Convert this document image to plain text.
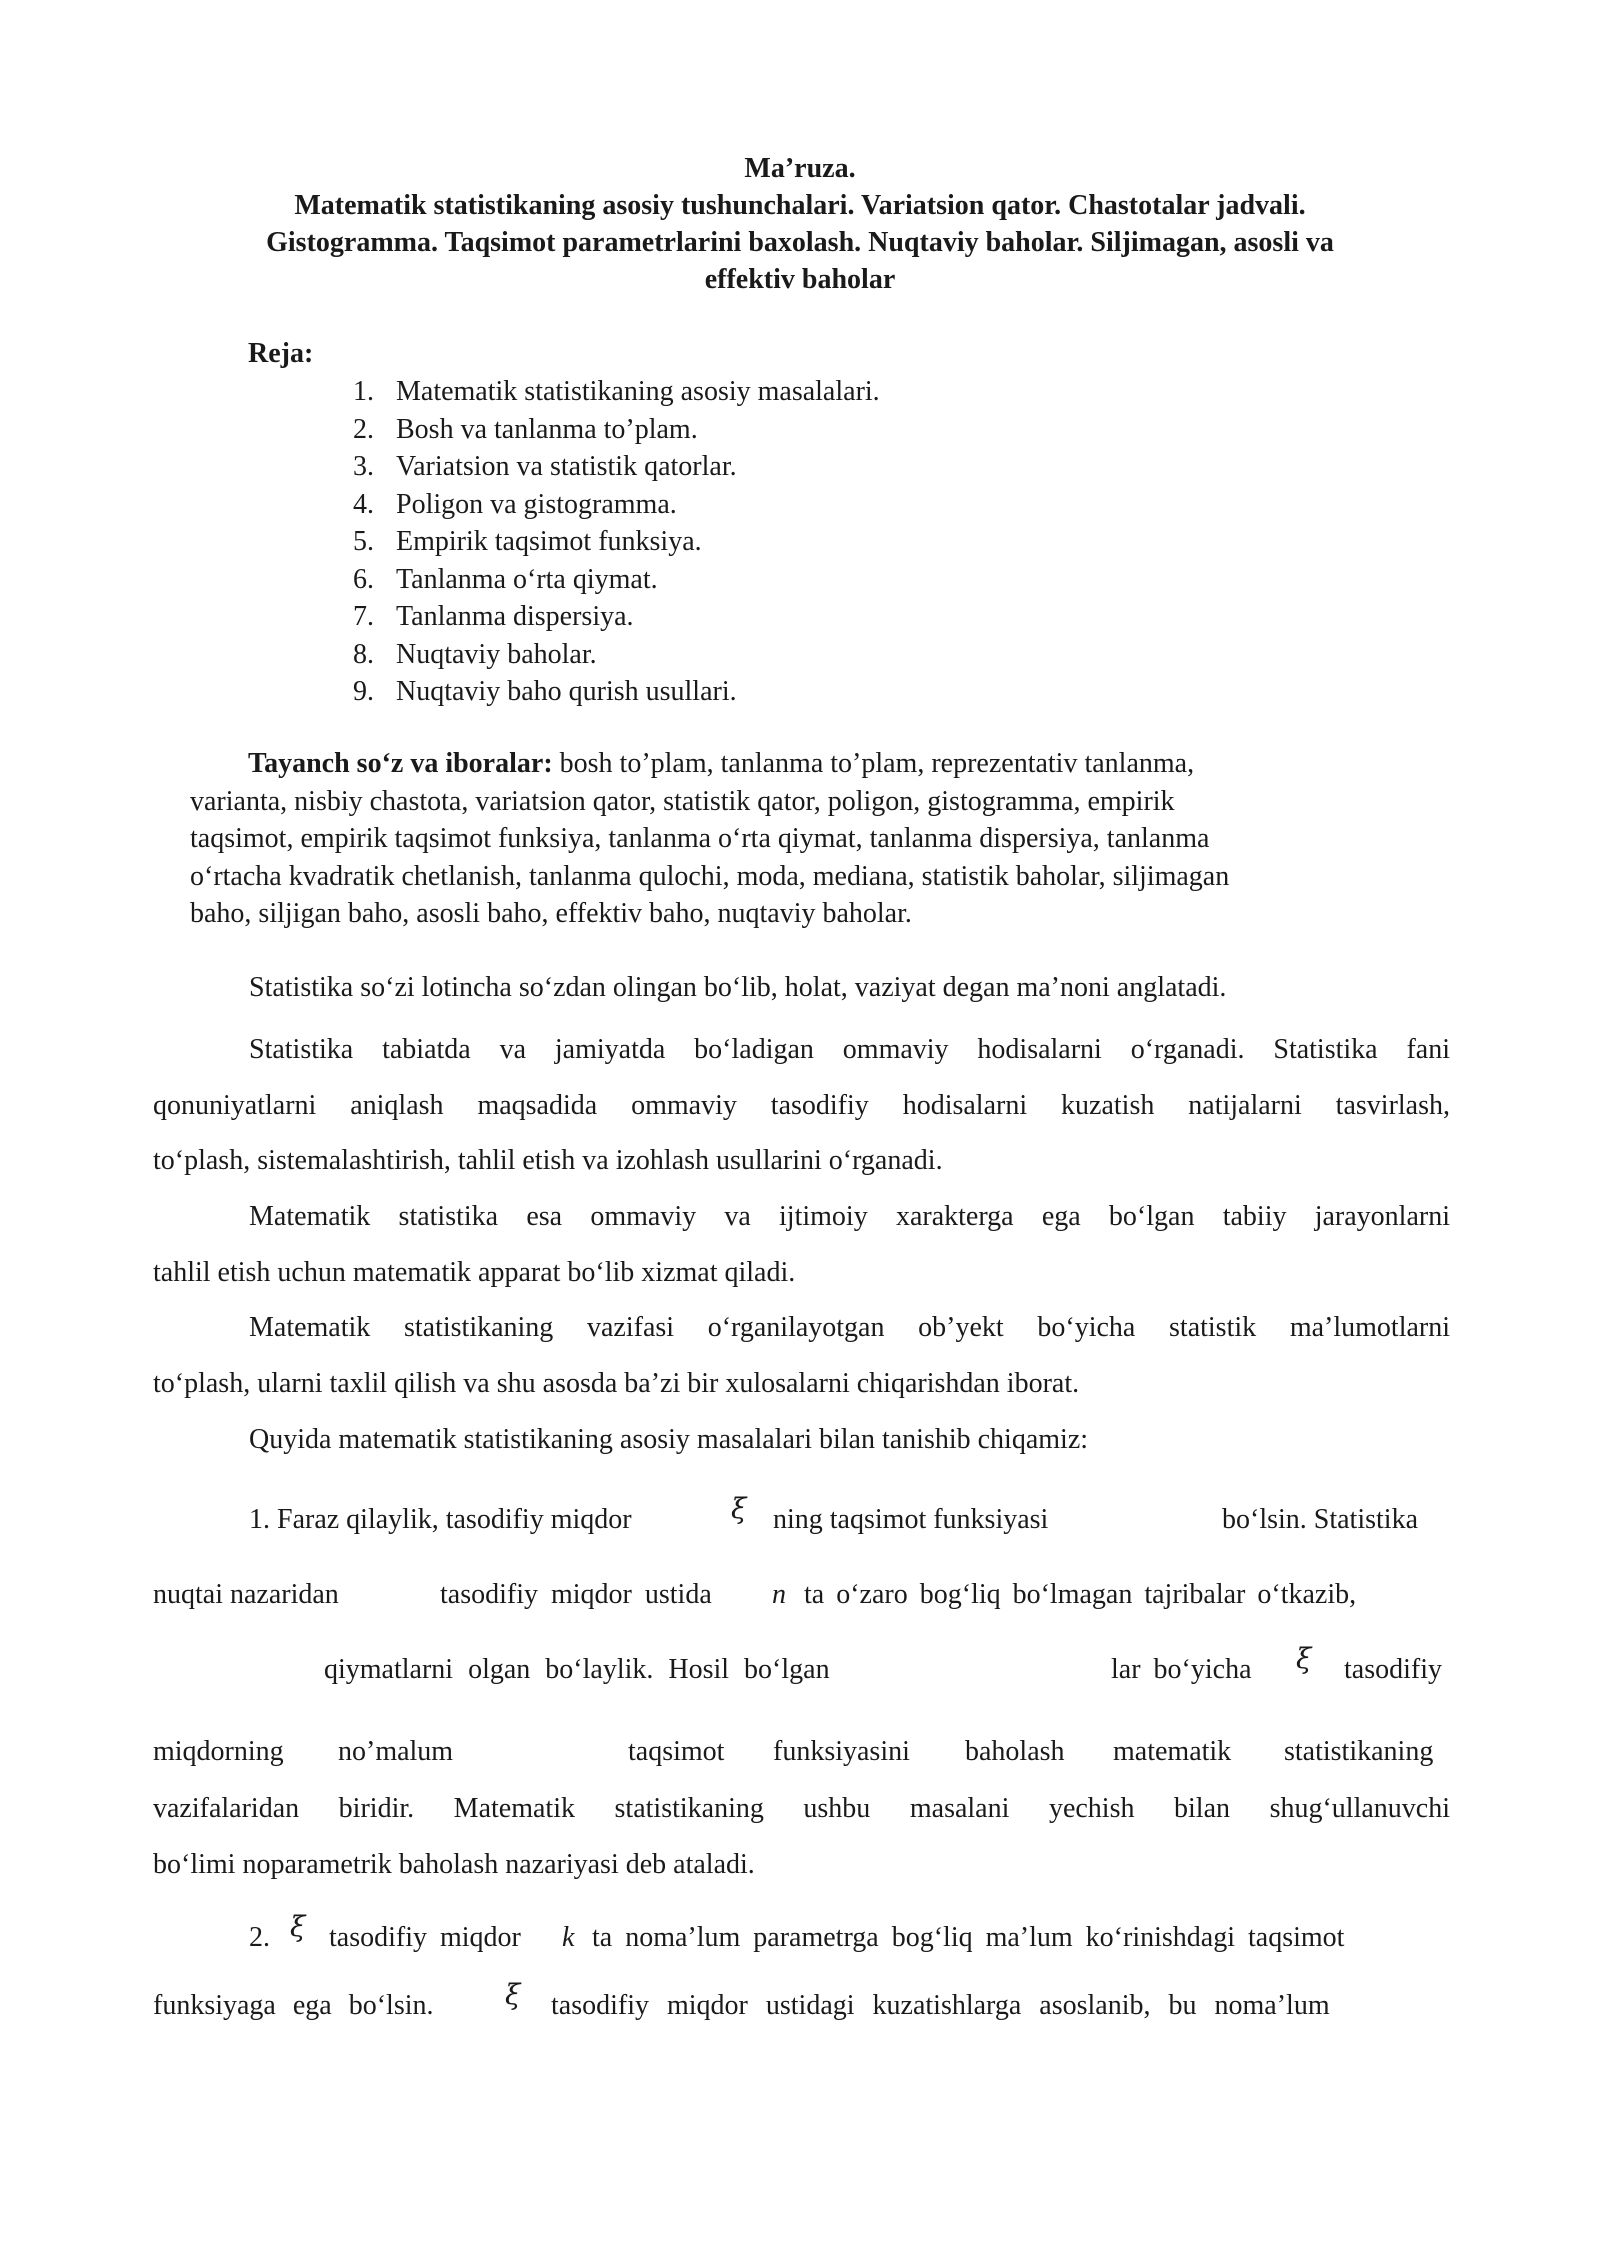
Ma’ruza.
Matematik statistikaning asosiy tushunchalari. Variatsion qator. Chastotalar jadvali.
Gistogramma. Taqsimot parametrlarini baxolash. Nuqtaviy baholar. Siljimagan, asosli va
effektiv baholar
Reja:
1. Matematik statistikaning asosiy masalalari.
2. Bosh va tanlanma to’plam.
3. Variatsion va statistik qatorlar.
4. Poligon va gistogramma.
5. Empirik taqsimot funksiya.
6. Tanlanma o‘rta qiymat.
7. Tanlanma dispersiya.
8. Nuqtaviy baholar.
9. Nuqtaviy baho qurish usullari.
Tayanch so‘z va iboralar: bosh to’plam, tanlanma to’plam, reprezentativ tanlanma,
varianta, nisbiy chastota, variatsion qator, statistik qator, poligon, gistogramma, empirik
taqsimot, empirik taqsimot funksiya, tanlanma o‘rta qiymat, tanlanma dispersiya, tanlanma
o‘rtacha kvadratik chetlanish, tanlanma qulochi, moda, mediana, statistik baholar, siljimagan
baho, siljigan baho, asosli baho, effektiv baho, nuqtaviy baholar.
Statistika so‘zi lotincha so‘zdan olingan bo‘lib, holat, vaziyat degan ma’noni anglatadi.
Statistika tabiatda va jamiyatda bo‘ladigan ommaviy hodisalarni o‘rganadi. Statistika fani
qonuniyatlarni aniqlash maqsadida ommaviy tasodifiy hodisalarni kuzatish natijalarni tasvirlash,
to‘plash, sistemalashtirish, tahlil etish va izohlash usullarini o‘rganadi.
Matematik statistika esa ommaviy va ijtimoiy xarakterga ega bo‘lgan tabiiy jarayonlarni
tahlil etish uchun matematik apparat bo‘lib xizmat qiladi.
Matematik statistikaning vazifasi o‘rganilayotgan ob’yekt bo‘yicha statistik ma’lumotlarni
to‘plash, ularni taxlil qilish va shu asosda ba’zi bir xulosalarni chiqarishdan iborat.
Quyida matematik statistikaning asosiy masalalari bilan tanishib chiqamiz:
1. Faraz qilaylik, tasodifiy miqdor	ξ ning taqsimot funksiyasi	bo‘lsin. Statistika
nuqtai nazaridan	tasodifiy miqdor ustida n ta o‘zaro bog‘liq bo‘lmagan tajribalar o‘tkazib,
qiymatlarni olgan bo‘laylik. Hosil bo‘lgan	lar bo‘yicha ξ tasodifiy
miqdorning no’malum	taqsimot funksiyasini baholash matematik statistikaning
vazifalaridan biridir. Matematik statistikaning ushbu masalani yechish bilan shug‘ullanuvchi
bo‘limi noparametrik baholash nazariyasi deb ataladi.
2. ξ tasodifiy miqdor k ta noma’lum parametrga bog‘liq ma’lum ko‘rinishdagi taqsimot
funksiyaga ega bo‘lsin.	ξ tasodifiy miqdor ustidagi kuzatishlarga asoslanib, bu noma’lum
